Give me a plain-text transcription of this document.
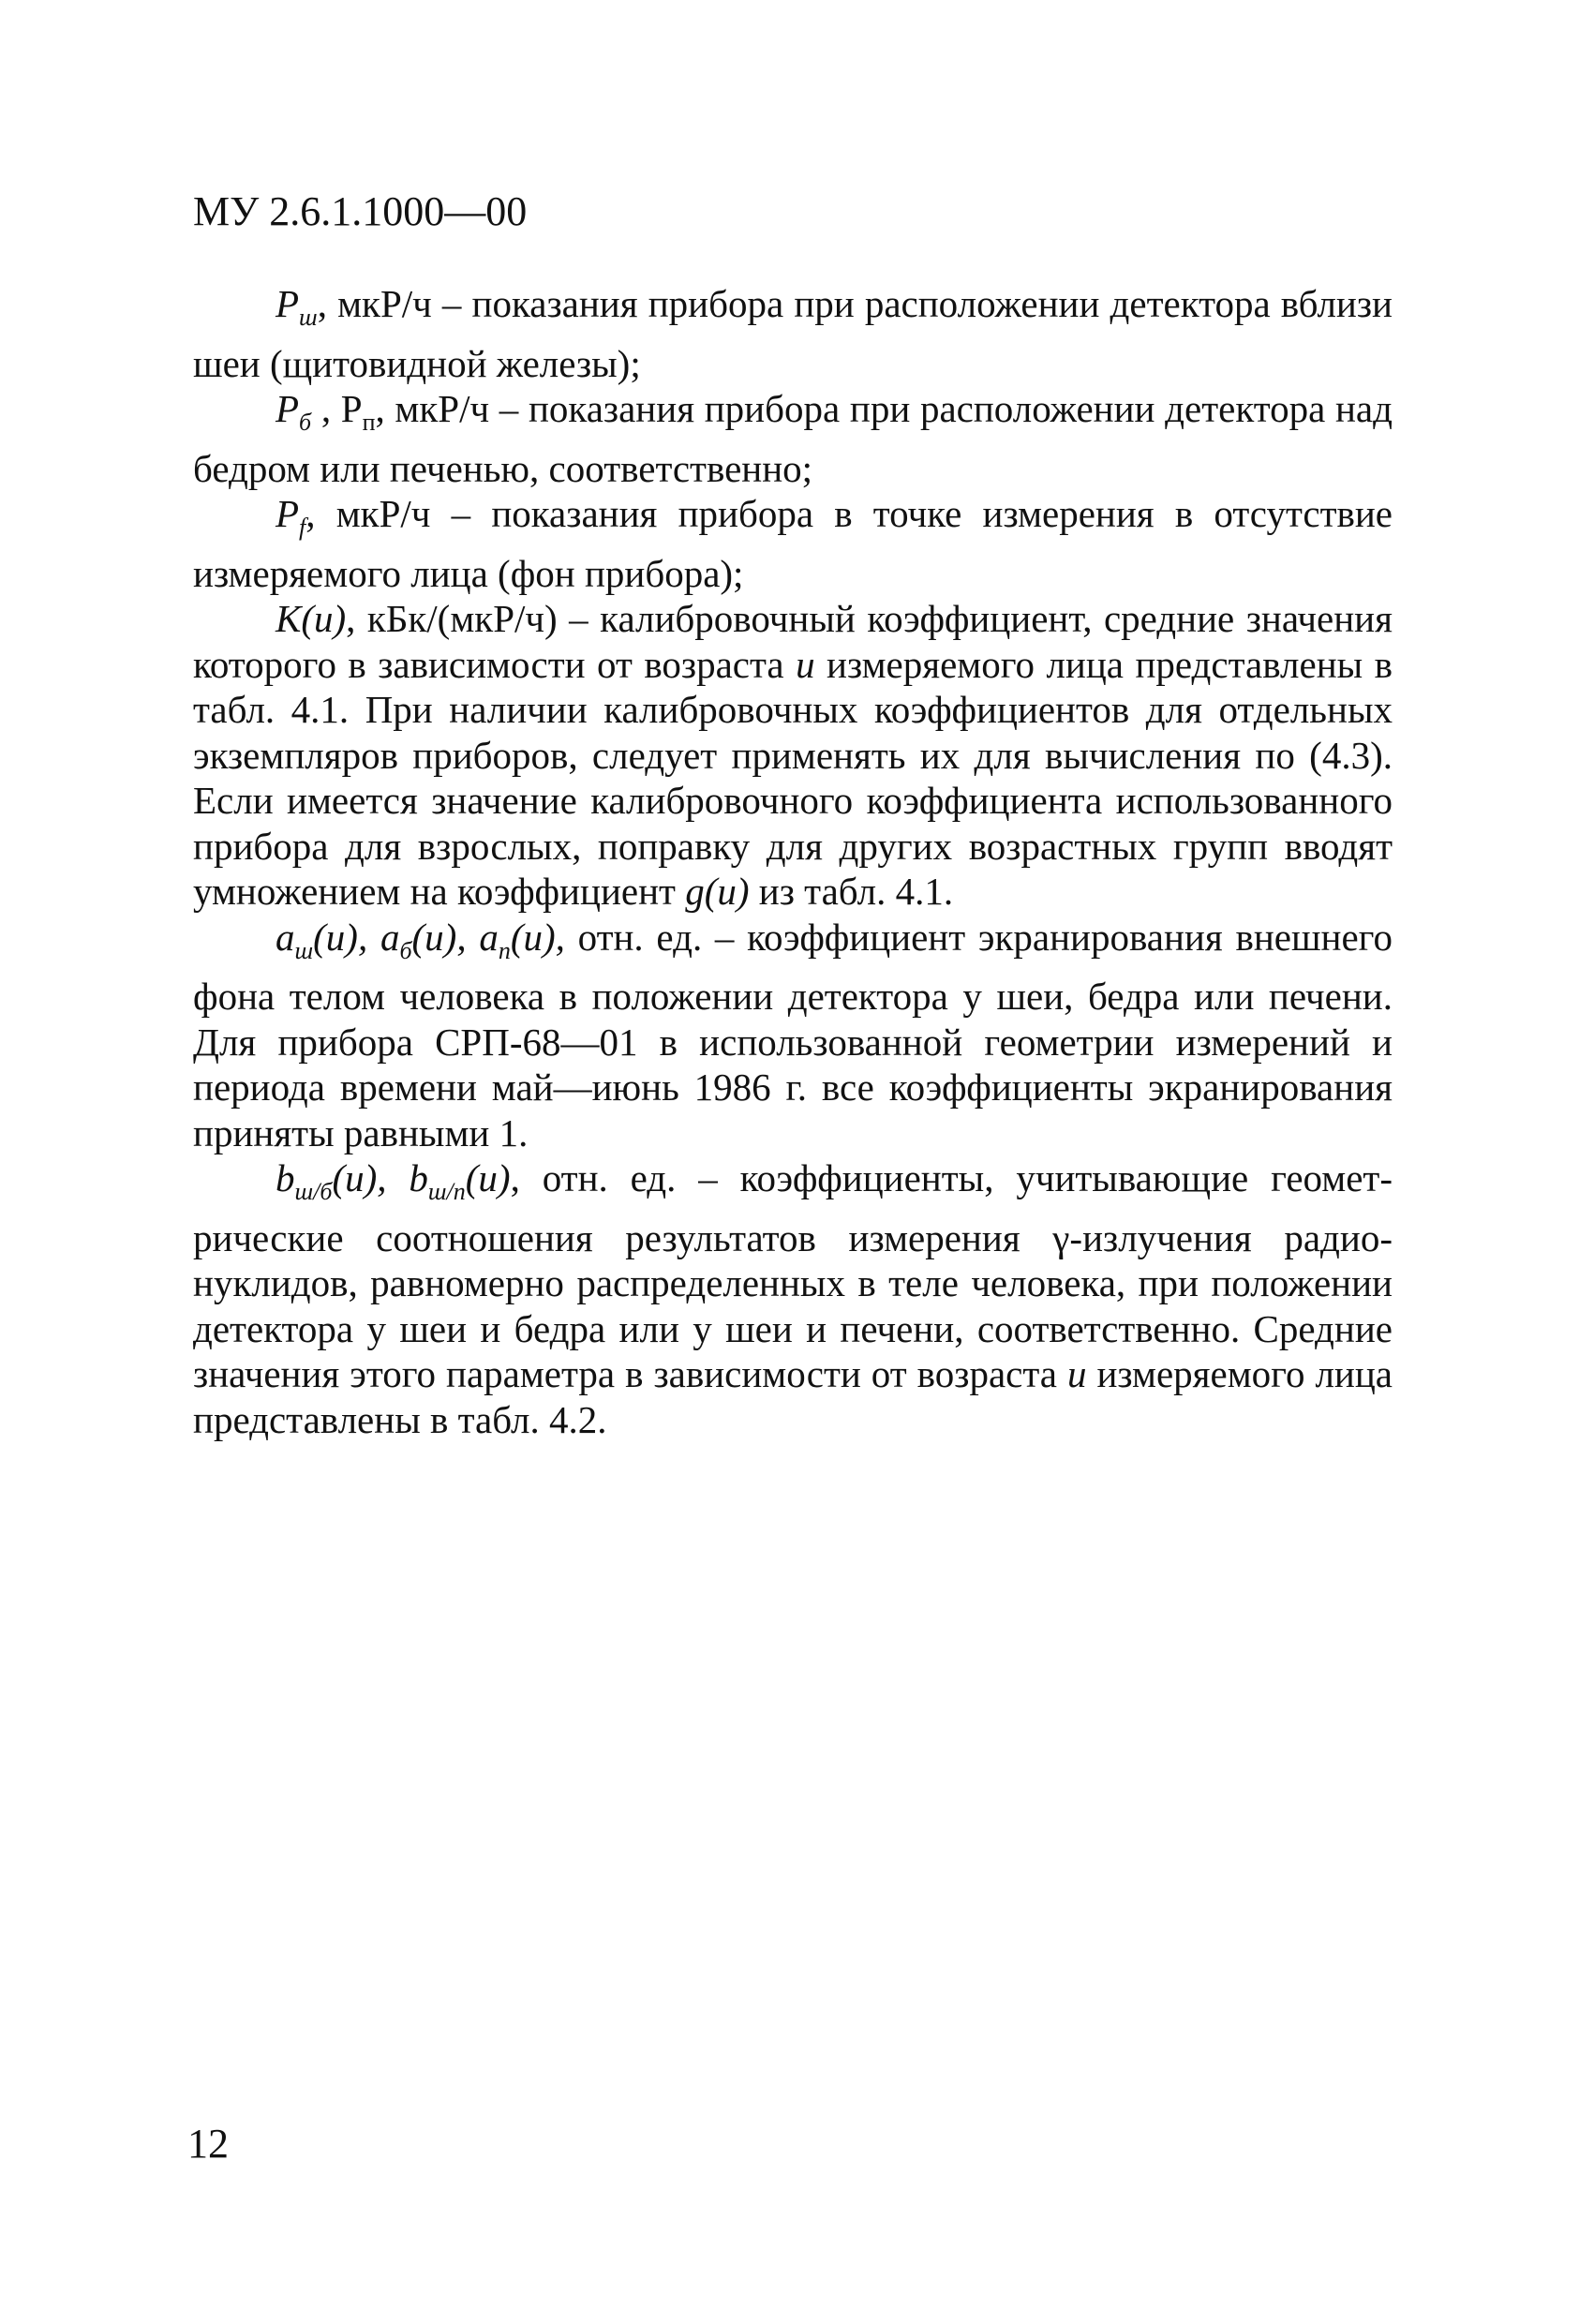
МУ 2.6.1.1000—00

$P_ш$, мкР/ч – показания прибора при расположении детектора вблизи шеи (щитовидной железы);

$P_б$ , $Р_п$, мкР/ч – показания прибора при расположении детектора над бедром или печенью, соответственно;

$P_f$, мкР/ч – показания прибора в точке измерения в отсутствие измеряемого лица (фон прибора);

K(u), кБк/(мкР/ч) – калибровочный коэффициент, средние значения которого в зависимости от возраста u измеряемого лица представлены в табл. 4.1. При наличии калибровочных коэффициентов для отдельных экземпляров приборов, следует применять их для вычисления по (4.3). Если имеется значение калибровочного коэффициента использованного прибора для взрослых, поправку для других возрастных групп вводят умножением на коэффициент g(u) из табл. 4.1.

$a_ш(u)$, $a_б(u)$, $a_п(u)$, отн. ед. – коэффициент экранирования внешнего фона телом человека в положении детектора у шеи, бедра или печени. Для прибора СРП-68—01 в использованной геометрии измерений и периода времени май—июнь 1986 г. все коэффициенты экранирования приняты равными 1.

$b_{ш/б}(u)$, $b_{ш/п}(u)$, отн. ед. – коэффициенты, учитывающие геометрические соотношения результатов измерения γ-излучения радионуклидов, равномерно распределенных в теле человека, при положении детектора у шеи и бедра или у шеи и печени, соответственно. Средние значения этого параметра в зависимости от возраста u измеряемого лица представлены в табл. 4.2.

12
